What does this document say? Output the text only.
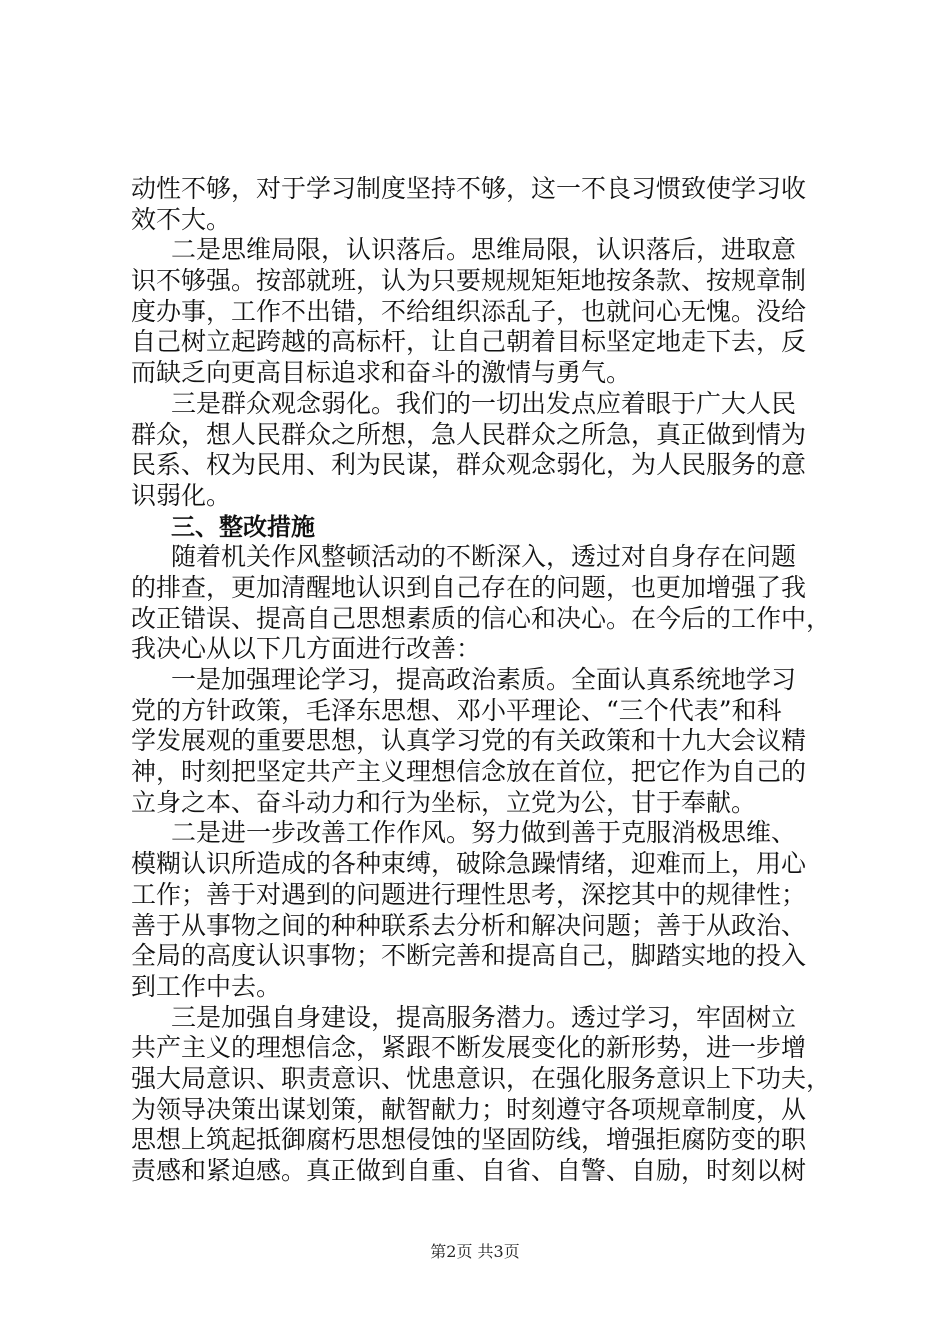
动性不够，对于学习制度坚持不够，这一不良习惯致使学习收
效不大。
二是思维局限，认识落后。思维局限，认识落后，进取意
识不够强。按部就班，认为只要规规矩矩地按条款、按规章制
度办事，工作不出错，不给组织添乱子，也就问心无愧。没给
自己树立起跨越的高标杆，让自己朝着目标坚定地走下去，反
而缺乏向更高目标追求和奋斗的激情与勇气。
三是群众观念弱化。我们的一切出发点应着眼于广大人民
群众，想人民群众之所想，急人民群众之所急，真正做到情为
民系、权为民用、利为民谋，群众观念弱化，为人民服务的意
识弱化。
三、整改措施
随着机关作风整顿活动的不断深入，透过对自身存在问题
的排查，更加清醒地认识到自己存在的问题，也更加增强了我
改正错误、提高自己思想素质的信心和决心。在今后的工作中，
我决心从以下几方面进行改善：
一是加强理论学习，提高政治素质。全面认真系统地学习
党的方针政策，毛泽东思想、邓小平理论、“三个代表”和科
学发展观的重要思想，认真学习党的有关政策和十九大会议精
神，时刻把坚定共产主义理想信念放在首位，把它作为自己的
立身之本、奋斗动力和行为坐标，立党为公，甘于奉献。
二是进一步改善工作作风。努力做到善于克服消极思维、
模糊认识所造成的各种束缚，破除急躁情绪，迎难而上，用心
工作；善于对遇到的问题进行理性思考，深挖其中的规律性；
善于从事物之间的种种联系去分析和解决问题；善于从政治、
全局的高度认识事物；不断完善和提高自己，脚踏实地的投入
到工作中去。
三是加强自身建设，提高服务潜力。透过学习，牢固树立
共产主义的理想信念，紧跟不断发展变化的新形势，进一步增
强大局意识、职责意识、忧患意识，在强化服务意识上下功夫，
为领导决策出谋划策，献智献力；时刻遵守各项规章制度，从
思想上筑起抵御腐朽思想侵蚀的坚固防线，增强拒腐防变的职
责感和紧迫感。真正做到自重、自省、自警、自励，时刻以树
第2页 共3页
